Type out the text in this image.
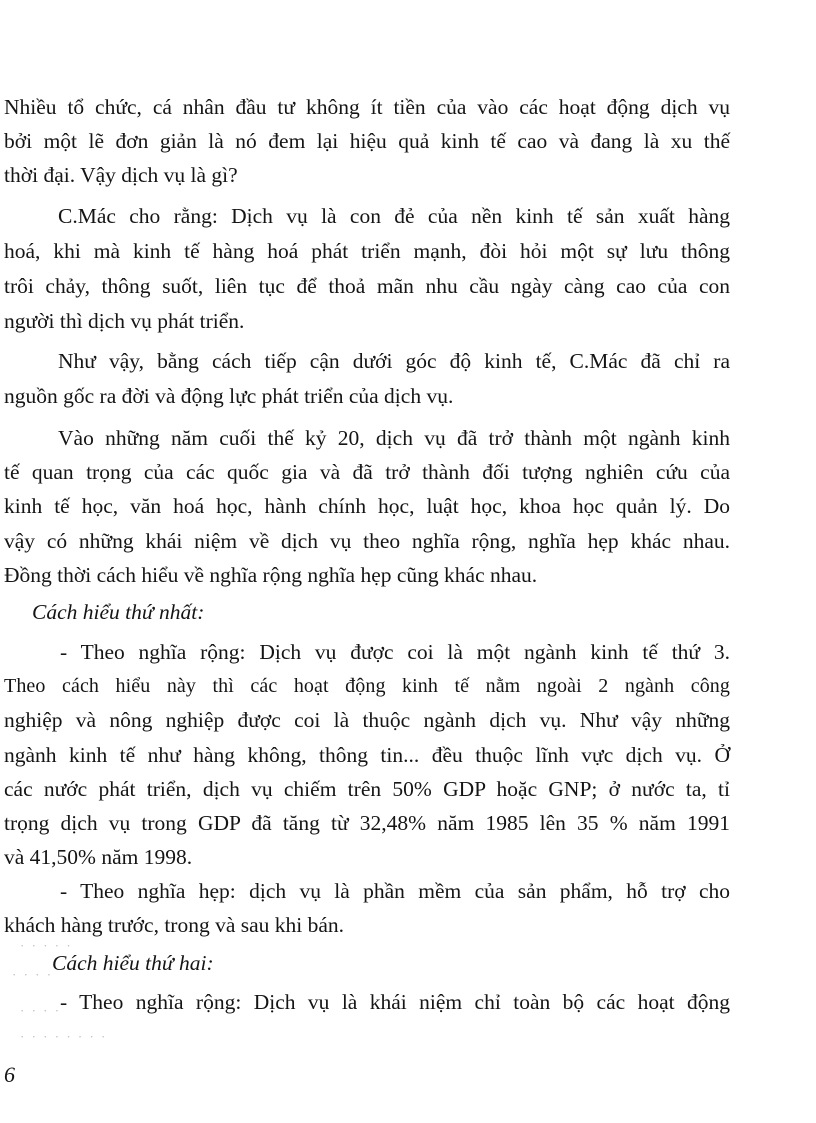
Nhiều tổ chức, cá nhân đầu tư không ít tiền của vào các hoạt động dịch vụ
bởi một lẽ đơn giản là nó đem lại hiệu quả kinh tế cao và đang là xu thế
thời đại. Vậy dịch vụ là gì?
C.Mác cho rằng: Dịch vụ là con đẻ của nền kinh tế sản xuất hàng
hoá, khi mà kinh tế hàng hoá phát triển mạnh, đòi hỏi một sự lưu thông
trôi chảy, thông suốt, liên tục để thoả mãn nhu cầu ngày càng cao của con
người thì dịch vụ phát triển.
Như vậy, bằng cách tiếp cận dưới góc độ kinh tế, C.Mác đã chỉ ra
nguồn gốc ra đời và động lực phát triển của dịch vụ.
Vào những năm cuối thế kỷ 20, dịch vụ đã trở thành một ngành kinh
tế quan trọng của các quốc gia và đã trở thành đối tượng nghiên cứu của
kinh tế học, văn hoá học, hành chính học, luật học, khoa học quản lý. Do
vậy có những khái niệm về dịch vụ theo nghĩa rộng, nghĩa hẹp khác nhau.
Đồng thời cách hiểu về nghĩa rộng nghĩa hẹp cũng khác nhau.
Cách hiểu thứ nhất:
- Theo nghĩa rộng: Dịch vụ được coi là một ngành kinh tế thứ 3.
Theo cách hiểu này thì các hoạt động kinh tế nằm ngoài 2 ngành công
nghiệp và nông nghiệp được coi là thuộc ngành dịch vụ. Như vậy những
ngành kinh tế như hàng không, thông tin... đều thuộc lĩnh vực dịch vụ. Ở
các nước phát triển, dịch vụ chiếm trên 50% GDP hoặc GNP; ở nước ta, tỉ
trọng dịch vụ trong GDP đã tăng từ 32,48% năm 1985 lên 35 % năm 1991
và 41,50% năm 1998.
- Theo nghĩa hẹp: dịch vụ là phần mềm của sản phẩm, hỗ trợ cho
khách hàng trước, trong và sau khi bán.
Cách hiểu thứ hai:
- Theo nghĩa rộng: Dịch vụ là khái niệm chỉ toàn bộ các hoạt động
· · · · ·
· · · ·
· · · ·
· · · · · · · ·
6
